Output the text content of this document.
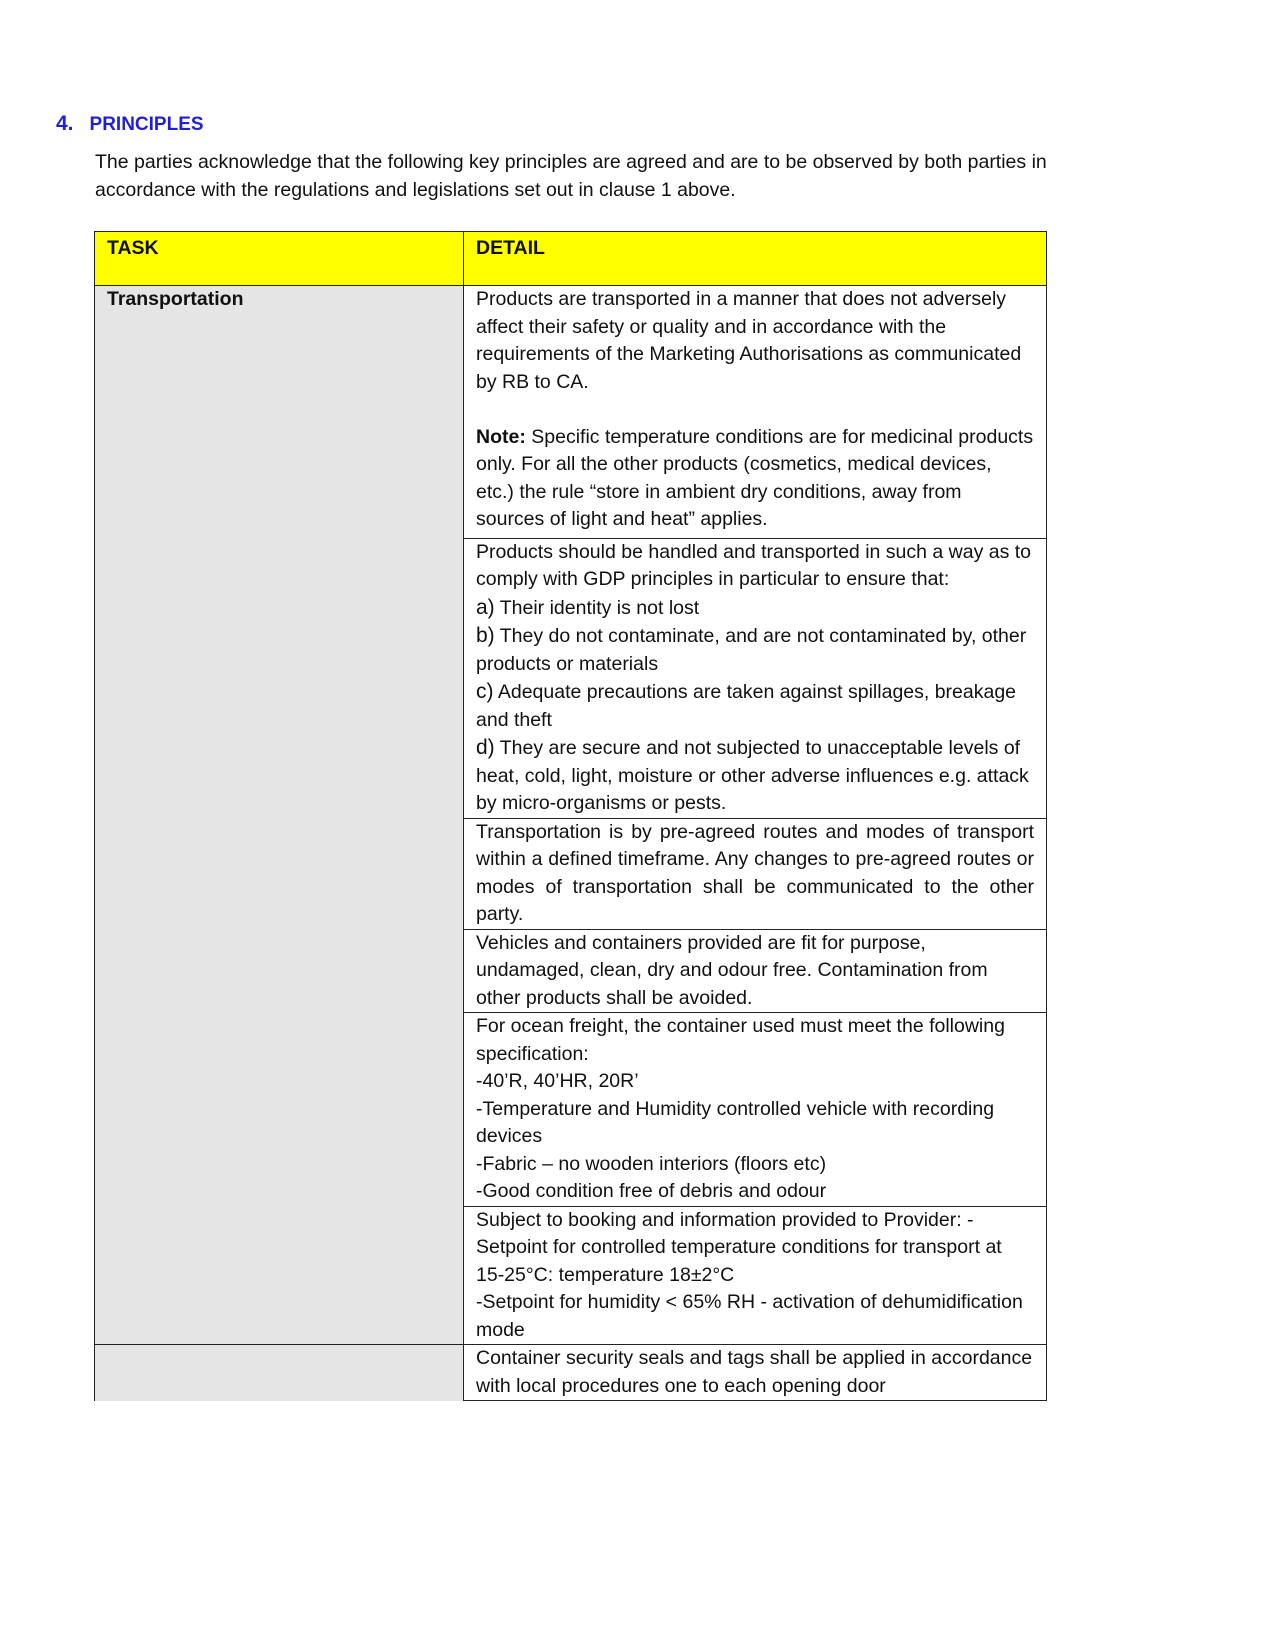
4. PRINCIPLES

The parties acknowledge that the following key principles are agreed and are to be observed by both parties in
accordance with the regulations and legislations set out in clause 1 above.

TASK	DETAIL
Transportation	Products are transported in a manner that does not adversely affect their safety or quality and in accordance with the requirements of the Marketing Authorisations as communicated by RB to CA.

Note: Specific temperature conditions are for medicinal products only. For all the other products (cosmetics, medical devices, etc.) the rule “store in ambient dry conditions, away from sources of light and heat” applies.

	Products should be handled and transported in such a way as to comply with GDP principles in particular to ensure that:

a) Their identity is not lost

b) They do not contaminate, and are not contaminated by, other products or materials

c) Adequate precautions are taken against spillages, breakage and theft

d) They are secure and not subjected to unacceptable levels of heat, cold, light, moisture or other adverse influences e.g. attack by micro-organisms or pests.

	Transportation is by pre-agreed routes and modes of transport within a defined timeframe. Any changes to pre-agreed routes or modes of transportation shall be communicated to the other party.

	Vehicles and containers provided are fit for purpose, undamaged, clean, dry and odour free. Contamination from other products shall be avoided.

	For ocean freight, the container used must meet the following specification:

-40’R, 40’HR, 20R’

-Temperature and Humidity controlled vehicle with recording devices

-Fabric – no wooden interiors (floors etc)

-Good condition free of debris and odour

	Subject to booking and information provided to Provider: - Setpoint for controlled temperature conditions for transport at 15-25°C: temperature 18±2°C

-Setpoint for humidity < 65% RH - activation of dehumidification mode

	Container security seals and tags shall be applied in accordance with local procedures one to each opening door
